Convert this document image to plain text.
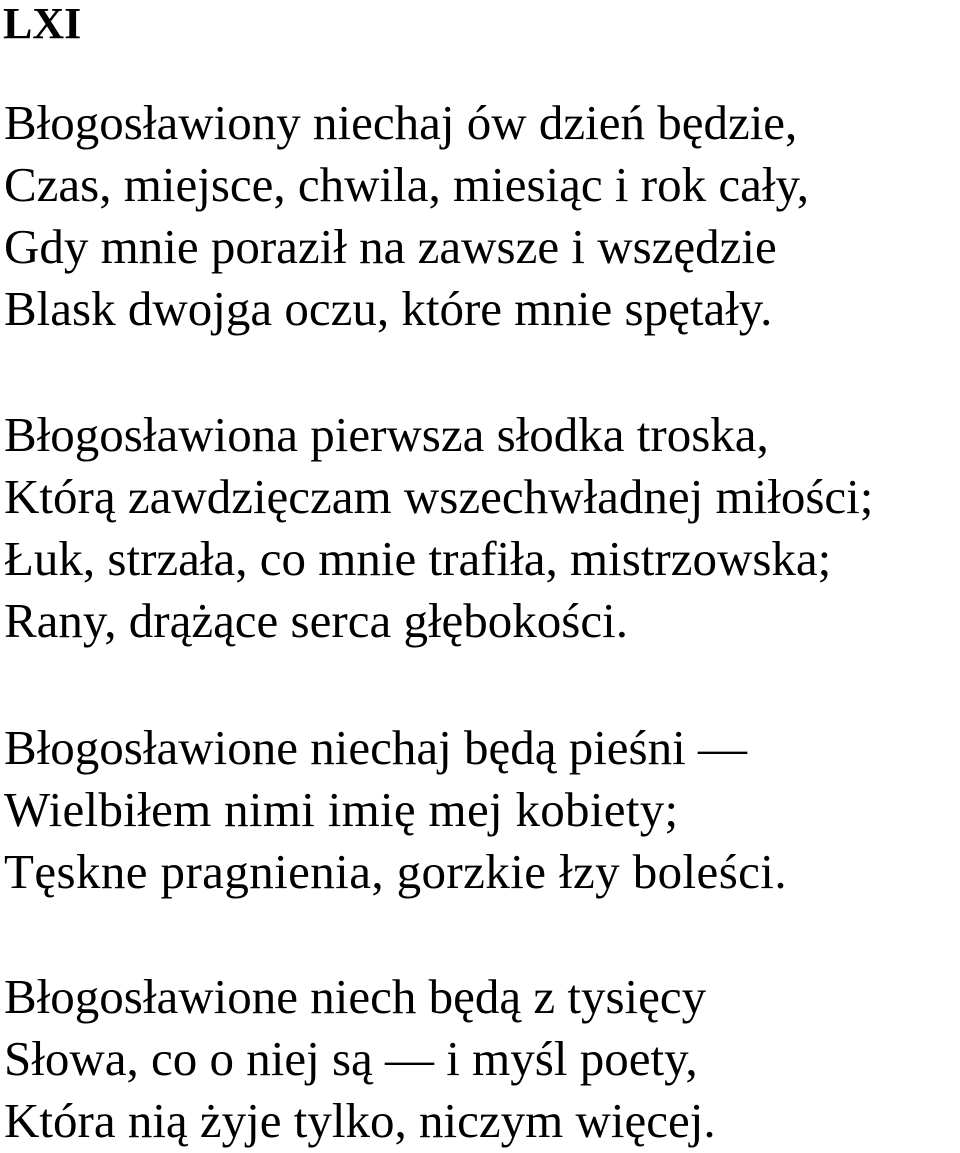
LXI
Błogosławiony niechaj ów dzień będzie,
Czas, miejsce, chwila, miesiąc i rok cały,
Gdy mnie poraził na zawsze i wszędzie
Blask dwojga oczu, które mnie spętały.
Błogosławiona pierwsza słodka troska,
Którą zawdzięczam wszechwładnej miłości;
Łuk, strzała, co mnie trafiła, mistrzowska;
Rany, drążące serca głębokości.
Błogosławione niechaj będą pieśni —
Wielbiłem nimi imię mej kobiety;
Tęskne pragnienia, gorzkie łzy boleści.
Błogosławione niech będą z tysięcy
Słowa, co o niej są — i myśl poety,
Która nią żyje tylko, niczym więcej.
